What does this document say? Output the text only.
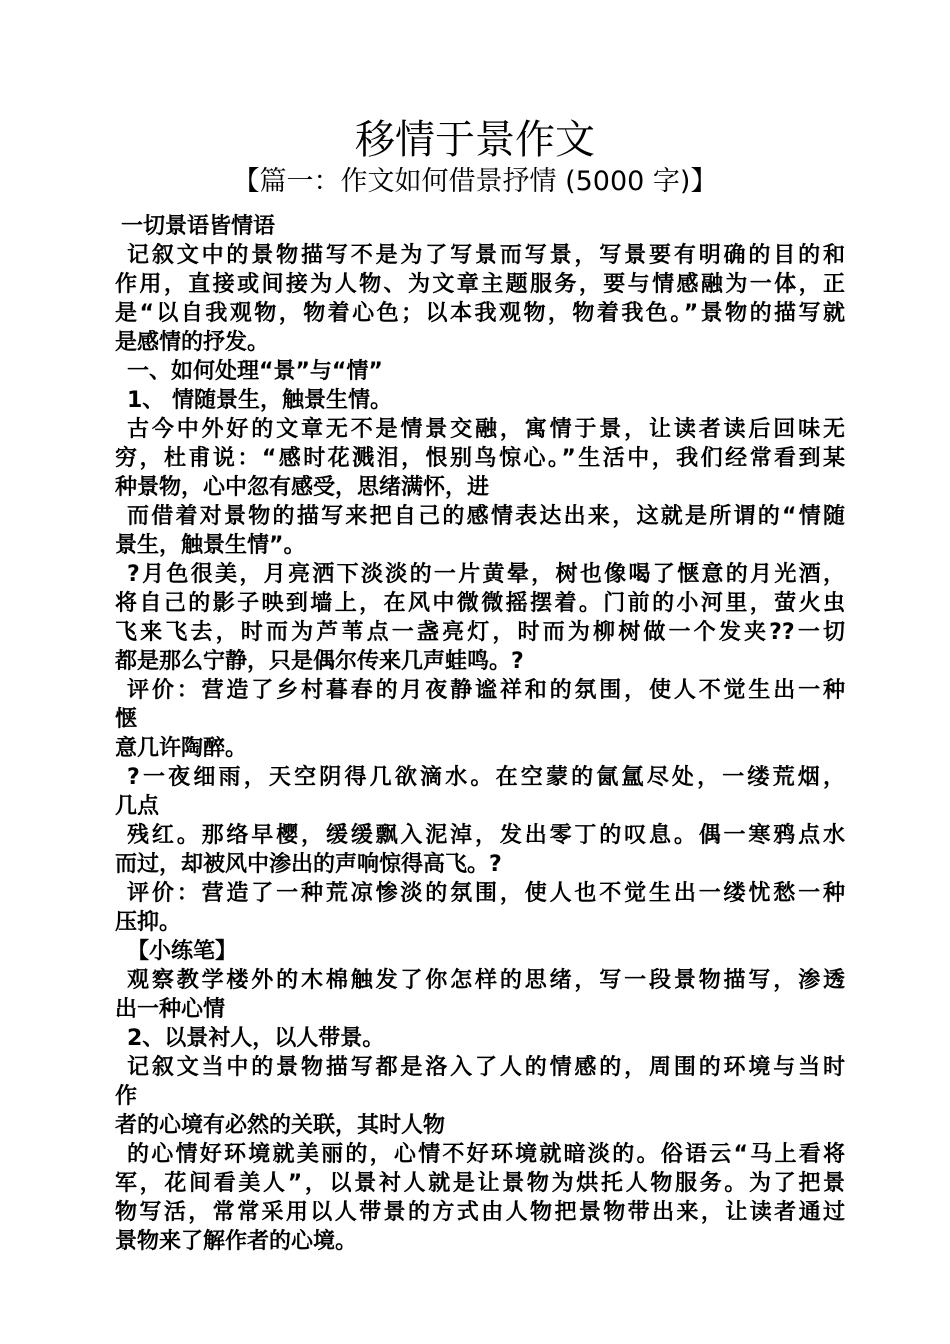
移情于景作文
【篇一：作文如何借景抒情 (5000 字)】
一切景语皆情语
记叙文中的景物描写不是为了写景而写景，写景要有明确的目的和
作用，直接或间接为人物、为文章主题服务，要与情感融为一体，正
是“以自我观物，物着心色；以本我观物，物着我色。”景物的描写就
是感情的抒发。
一、如何处理“景”与“情”
1、 情随景生，触景生情。
古今中外好的文章无不是情景交融，寓情于景，让读者读后回味无
穷，杜甫说：“感时花溅泪，恨别鸟惊心。”生活中，我们经常看到某
种景物，心中忽有感受，思绪满怀，进
而借着对景物的描写来把自己的感情表达出来，这就是所谓的“情随
景生，触景生情”。
?月色很美，月亮洒下淡淡的一片黄晕，树也像喝了惬意的月光酒，
将自己的影子映到墙上，在风中微微摇摆着。门前的小河里，萤火虫
飞来飞去，时而为芦苇点一盏亮灯，时而为柳树做一个发夹??一切
都是那么宁静，只是偶尔传来几声蛙鸣。?
评价：营造了乡村暮春的月夜静谧祥和的氛围，使人不觉生出一种
惬
意几许陶醉。
?一夜细雨，天空阴得几欲滴水。在空蒙的氤氲尽处，一缕荒烟，
几点
残红。那络早樱，缓缓飘入泥淖，发出零丁的叹息。偶一寒鸦点水
而过，却被风中渗出的声响惊得高飞。?
评价：营造了一种荒凉惨淡的氛围，使人也不觉生出一缕忧愁一种
压抑。
【小练笔】
观察教学楼外的木棉触发了你怎样的思绪，写一段景物描写，渗透
出一种心情
2、以景衬人，以人带景。
记叙文当中的景物描写都是洛入了人的情感的，周围的环境与当时
作
者的心境有必然的关联，其时人物
的心情好环境就美丽的，心情不好环境就暗淡的。俗语云“马上看将
军，花间看美人”，以景衬人就是让景物为烘托人物服务。为了把景
物写活，常常采用以人带景的方式由人物把景物带出来，让读者通过
景物来了解作者的心境。
